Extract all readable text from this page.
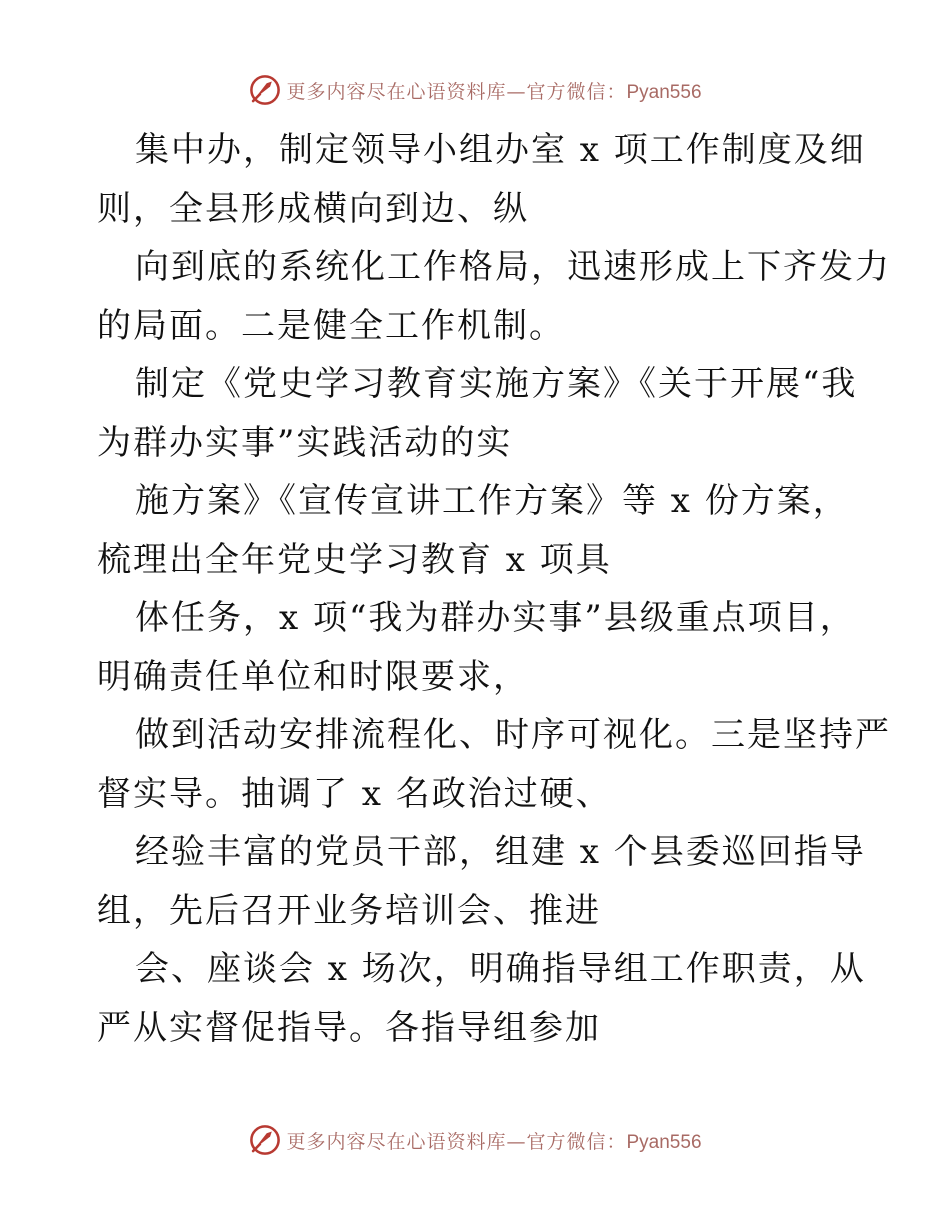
更多内容尽在心语资料库—官方微信：Pyan556
集中办，制定领导小组办室 x 项工作制度及细
则，全县形成横向到边、纵
向到底的系统化工作格局，迅速形成上下齐发力
的局面。二是健全工作机制。
制定《党史学习教育实施方案》《关于开展“我
为群办实事”实践活动的实
施方案》《宣传宣讲工作方案》等 x 份方案，
梳理出全年党史学习教育 x 项具
体任务，x 项“我为群办实事”县级重点项目，
明确责任单位和时限要求，
做到活动安排流程化、时序可视化。三是坚持严
督实导。抽调了 x 名政治过硬、
经验丰富的党员干部，组建 x 个县委巡回指导
组，先后召开业务培训会、推进
会、座谈会 x 场次，明确指导组工作职责，从
严从实督促指导。各指导组参加
更多内容尽在心语资料库—官方微信：Pyan556
